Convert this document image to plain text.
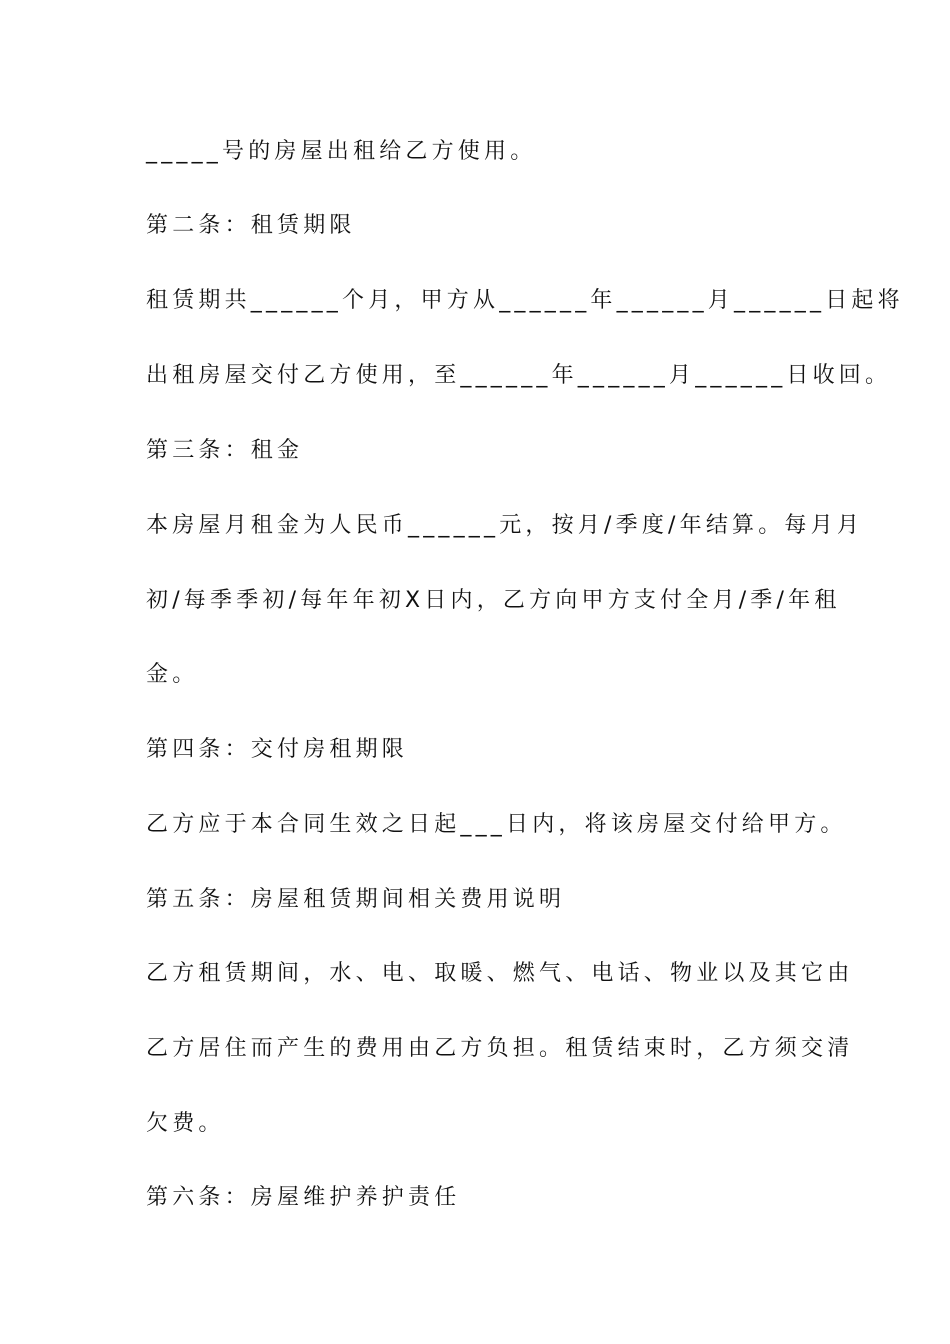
_____号的房屋出租给乙方使用。
第二条：租赁期限
租赁期共______个月，甲方从______年______月______日起将
出租房屋交付乙方使用，至______年______月______日收回。
第三条：租金
本房屋月租金为人民币______元，按月/季度/年结算。每月月
初/每季季初/每年年初X日内，乙方向甲方支付全月/季/年租
金。
第四条：交付房租期限
乙方应于本合同生效之日起___日内，将该房屋交付给甲方。
第五条：房屋租赁期间相关费用说明
乙方租赁期间，水、电、取暖、燃气、电话、物业以及其它由
乙方居住而产生的费用由乙方负担。租赁结束时，乙方须交清
欠费。
第六条：房屋维护养护责任
